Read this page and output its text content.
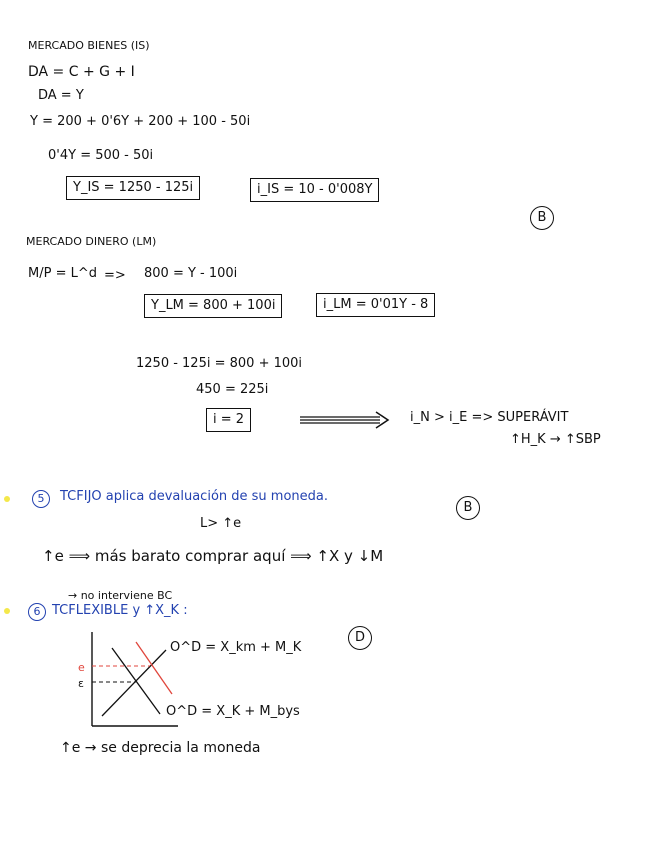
MERCADO BIENES (IS)

DA = C + G + I

DA = Y

Y = 200 + 0'6Y + 200 + 100 - 50i

0'4Y = 500 - 50i

Y_IS = 1250 - 125i	i_IS = 10 - 0'008Y
B

MERCADO DINERO (LM)

M/P = L^d => 800 = Y - 100i

Y_LM = 800 + 100i	i_LM = 0'01Y - 8

1250 - 125i = 800 + 100i

450 = 225i

i = 2	i_N > i_E => SUPERÁVIT

↑H_K → ↑SBP

5	TCFIJO aplica devaluación de su moneda.

L> ↑e

B

↑e ⟹ más barato comprar aquí ⟹ ↑X y ↓M

→ no interviene BC

6 TCFLEXIBLE y ↑X_K :

D

e

ε

O^D = X_km + M_K

O^D = X_K + M_bys

↑e → se deprecia la moneda
